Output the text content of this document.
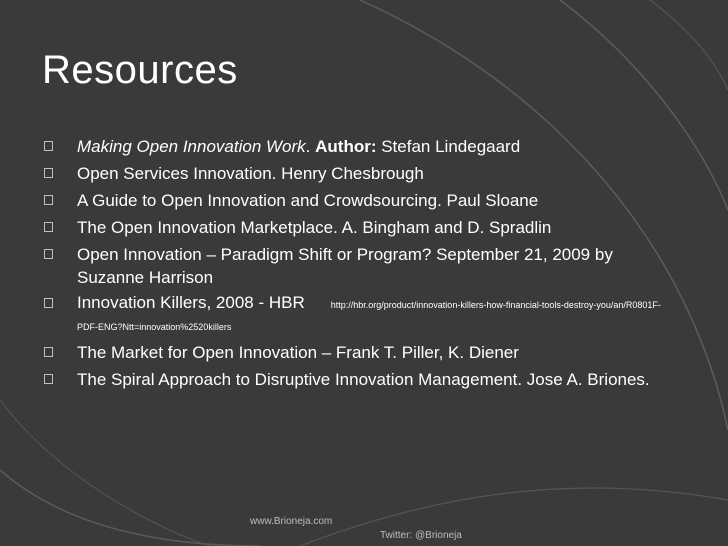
Resources
Making Open Innovation Work. Author: Stefan Lindegaard
Open Services Innovation. Henry Chesbrough
A Guide to Open Innovation and Crowdsourcing. Paul Sloane
The Open Innovation Marketplace. A. Bingham and D. Spradlin
Open Innovation – Paradigm Shift or Program? September 21, 2009 by Suzanne Harrison
Innovation Killers, 2008 - HBR	http://hbr.org/product/innovation-killers-how-financial-tools-destroy-you/an/R0801F-PDF-ENG?Ntt=innovation%2520killers
The Market for Open Innovation – Frank T. Piller, K. Diener
The Spiral Approach to Disruptive Innovation Management. Jose A. Briones.
www.Brioneja.com
Twitter: @Brioneja
